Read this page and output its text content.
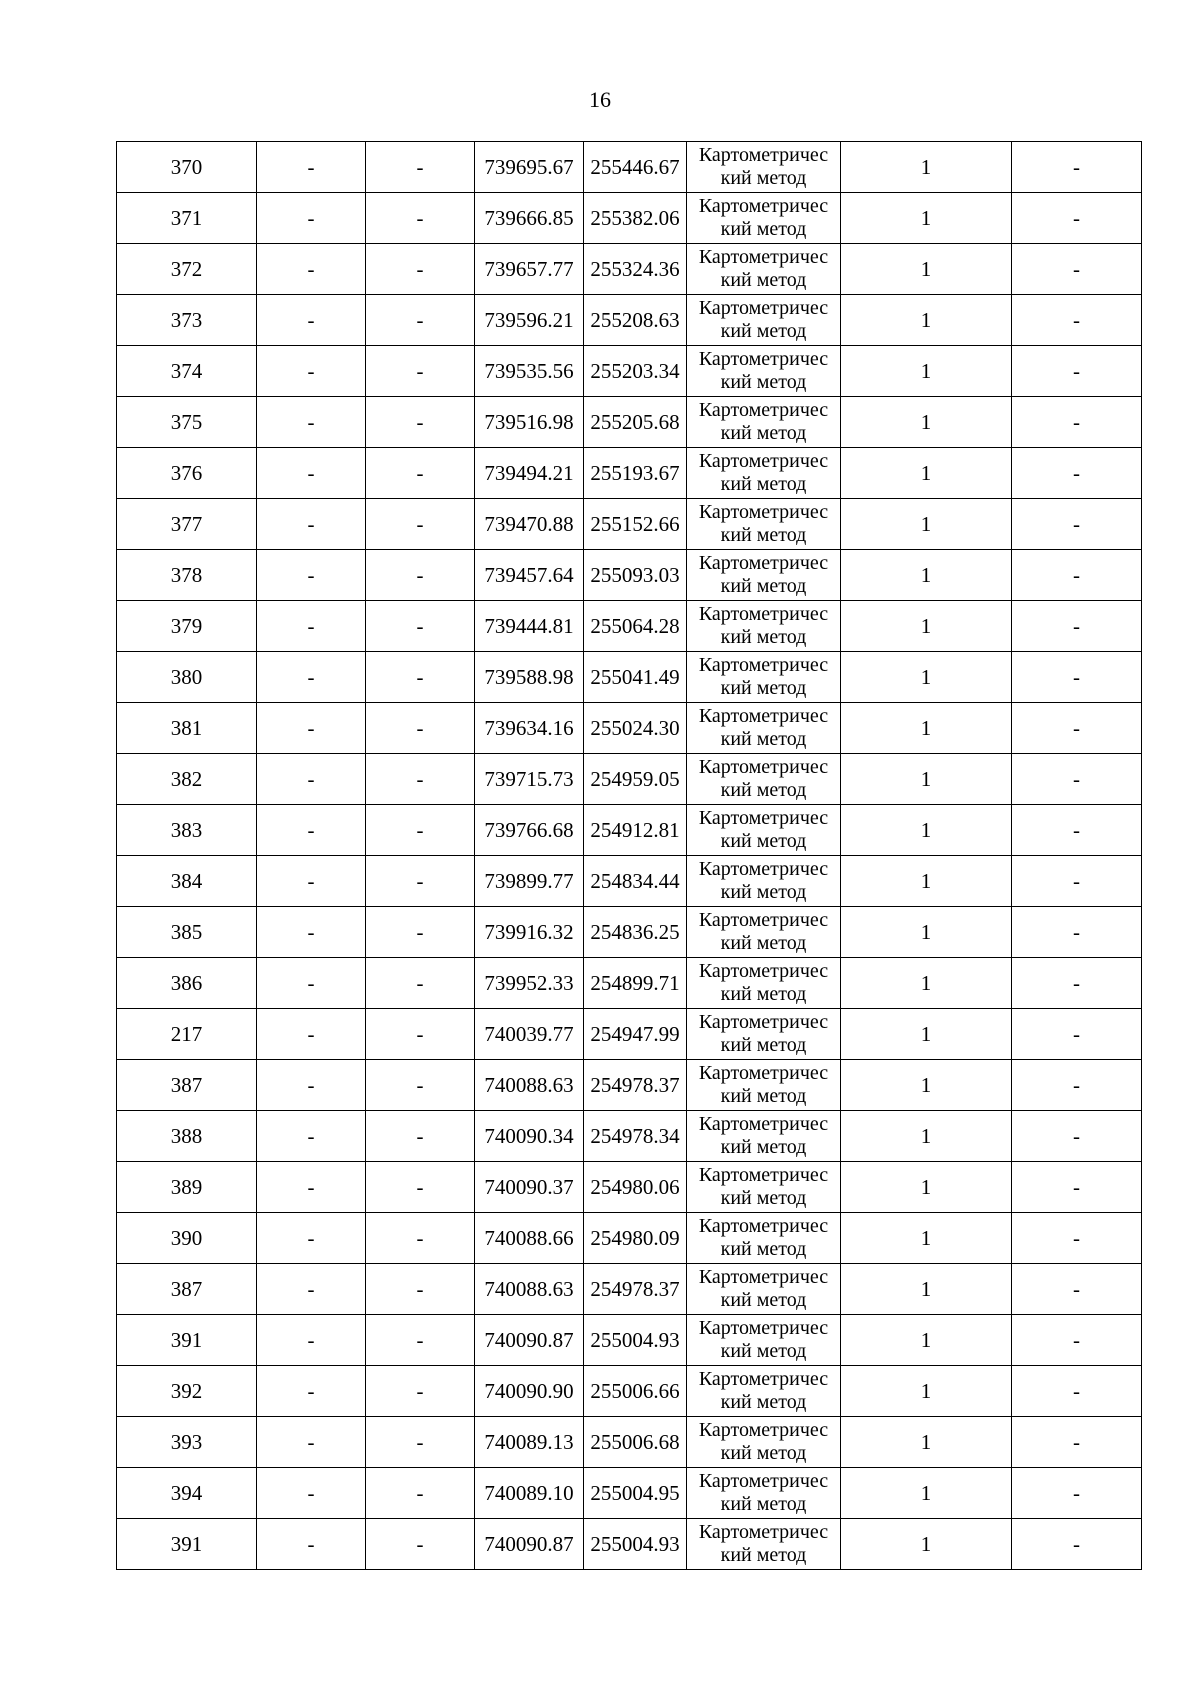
16
370	-	-	739695.67	255446.67	Картометричес
кий метод	1	-
371	-	-	739666.85	255382.06	Картометричес
кий метод	1	-
372	-	-	739657.77	255324.36	Картометричес
кий метод	1	-
373	-	-	739596.21	255208.63	Картометричес
кий метод	1	-
374	-	-	739535.56	255203.34	Картометричес
кий метод	1	-
375	-	-	739516.98	255205.68	Картометричес
кий метод	1	-
376	-	-	739494.21	255193.67	Картометричес
кий метод	1	-
377	-	-	739470.88	255152.66	Картометричес
кий метод	1	-
378	-	-	739457.64	255093.03	Картометричес
кий метод	1	-
379	-	-	739444.81	255064.28	Картометричес
кий метод	1	-
380	-	-	739588.98	255041.49	Картометричес
кий метод	1	-
381	-	-	739634.16	255024.30	Картометричес
кий метод	1	-
382	-	-	739715.73	254959.05	Картометричес
кий метод	1	-
383	-	-	739766.68	254912.81	Картометричес
кий метод	1	-
384	-	-	739899.77	254834.44	Картометричес
кий метод	1	-
385	-	-	739916.32	254836.25	Картометричес
кий метод	1	-
386	-	-	739952.33	254899.71	Картометричес
кий метод	1	-
217	-	-	740039.77	254947.99	Картометричес
кий метод	1	-
387	-	-	740088.63	254978.37	Картометричес
кий метод	1	-
388	-	-	740090.34	254978.34	Картометричес
кий метод	1	-
389	-	-	740090.37	254980.06	Картометричес
кий метод	1	-
390	-	-	740088.66	254980.09	Картометричес
кий метод	1	-
387	-	-	740088.63	254978.37	Картометричес
кий метод	1	-
391	-	-	740090.87	255004.93	Картометричес
кий метод	1	-
392	-	-	740090.90	255006.66	Картометричес
кий метод	1	-
393	-	-	740089.13	255006.68	Картометричес
кий метод	1	-
394	-	-	740089.10	255004.95	Картометричес
кий метод	1	-
391	-	-	740090.87	255004.93	Картометричес
кий метод	1	-
